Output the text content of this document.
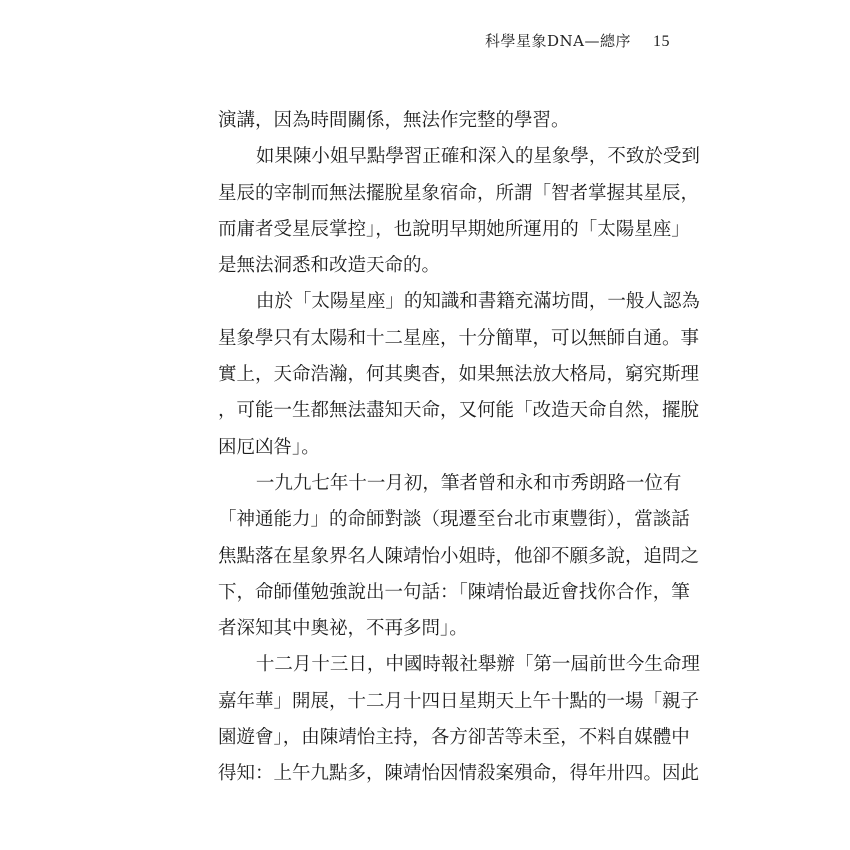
科學星象DNA—總序 15
演講，因為時間關係，無法作完整的學習。
如果陳小姐早點學習正確和深入的星象學，不致於受到
星辰的宰制而無法擺脫星象宿命，所謂「智者掌握其星辰，
而庸者受星辰掌控」，也說明早期她所運用的「太陽星座」
是無法洞悉和改造天命的。
由於「太陽星座」的知識和書籍充滿坊間，一般人認為
星象學只有太陽和十二星座，十分簡單，可以無師自通。事
實上，天命浩瀚，何其奧杳，如果無法放大格局，窮究斯理
，可能一生都無法盡知天命，又何能「改造天命自然，擺脫
困厄凶咎」。
一九九七年十一月初，筆者曾和永和市秀朗路一位有
「神通能力」的命師對談（現遷至台北市東豐街），當談話
焦點落在星象界名人陳靖怡小姐時，他卻不願多說，追問之
下，命師僅勉強說出一句話：「陳靖怡最近會找你合作，筆
者深知其中奧祕，不再多問」。
十二月十三日，中國時報社舉辦「第一屆前世今生命理
嘉年華」開展，十二月十四日星期天上午十點的一場「親子
園遊會」，由陳靖怡主持，各方卻苦等未至，不料自媒體中
得知：上午九點多，陳靖怡因情殺案殞命，得年卅四。因此
